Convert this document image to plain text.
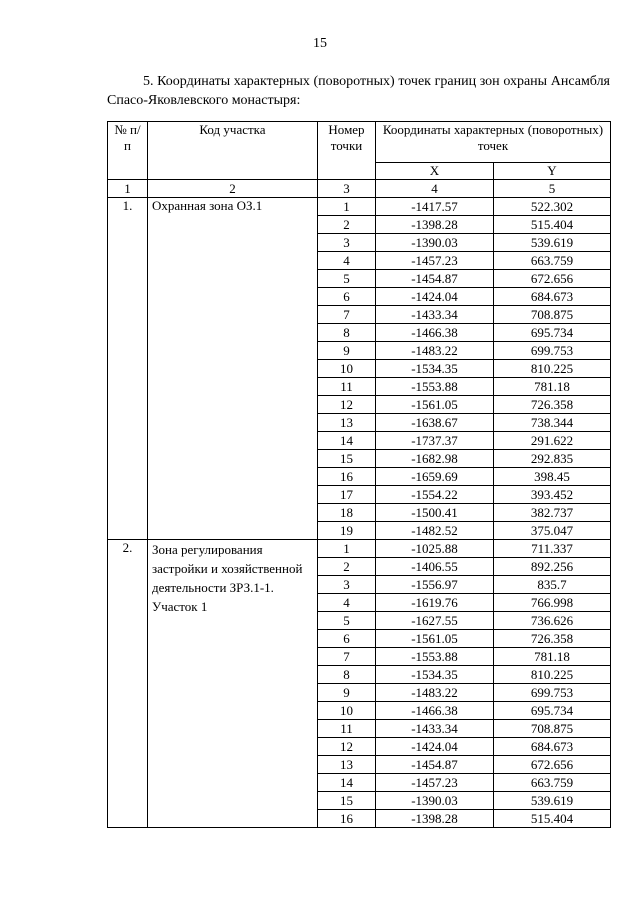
15
5. Координаты характерных (поворотных) точек границ зон охраны Ансамбля Спасо-Яковлевского монастыря:
№ п/п	Код участка	Номер точки	Координаты характерных (поворотных) точек	
			X	Y
1	2	3	4	5
1.	Охранная зона ОЗ.1	1	-1417.57	522.302
		2	-1398.28	515.404
		3	-1390.03	539.619
		4	-1457.23	663.759
		5	-1454.87	672.656
		6	-1424.04	684.673
		7	-1433.34	708.875
		8	-1466.38	695.734
		9	-1483.22	699.753
		10	-1534.35	810.225
		11	-1553.88	781.18
		12	-1561.05	726.358
		13	-1638.67	738.344
		14	-1737.37	291.622
		15	-1682.98	292.835
		16	-1659.69	398.45
		17	-1554.22	393.452
		18	-1500.41	382.737
		19	-1482.52	375.047
2.	Зона регулирования застройки и хозяйственной деятельности ЗРЗ.1-1. Участок 1	1	-1025.88	711.337
		2	-1406.55	892.256
		3	-1556.97	835.7
		4	-1619.76	766.998
		5	-1627.55	736.626
		6	-1561.05	726.358
		7	-1553.88	781.18
		8	-1534.35	810.225
		9	-1483.22	699.753
		10	-1466.38	695.734
		11	-1433.34	708.875
		12	-1424.04	684.673
		13	-1454.87	672.656
		14	-1457.23	663.759
		15	-1390.03	539.619
		16	-1398.28	515.404
